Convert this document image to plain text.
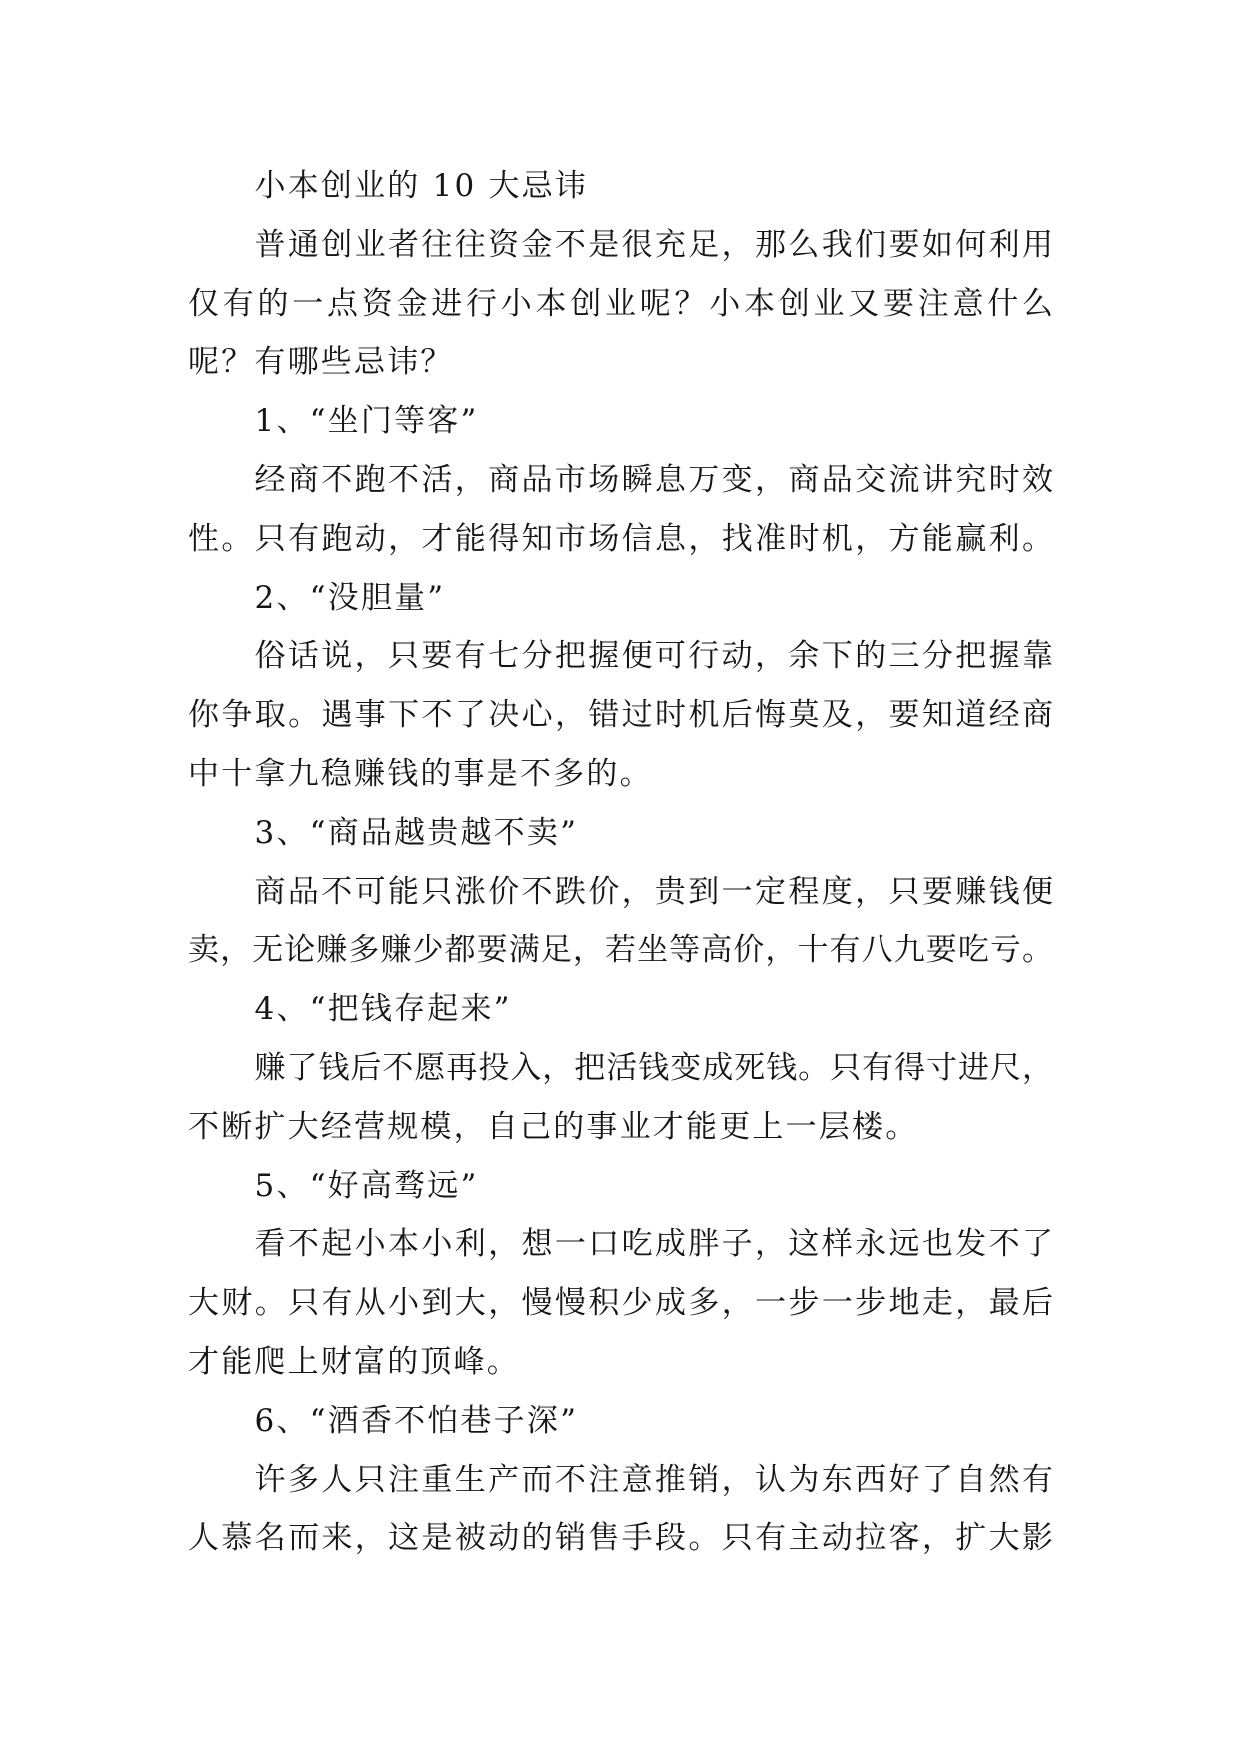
小本创业的 10 大忌讳
普通创业者往往资金不是很充足，那么我们要如何利用
仅有的一点资金进行小本创业呢？小本创业又要注意什么
呢？有哪些忌讳？
1、“坐门等客”
经商不跑不活，商品市场瞬息万变，商品交流讲究时效
性。只有跑动，才能得知市场信息，找准时机，方能赢利。
2、“没胆量”
俗话说，只要有七分把握便可行动，余下的三分把握靠
你争取。遇事下不了决心，错过时机后悔莫及，要知道经商
中十拿九稳赚钱的事是不多的。
3、“商品越贵越不卖”
商品不可能只涨价不跌价，贵到一定程度，只要赚钱便
卖，无论赚多赚少都要满足，若坐等高价，十有八九要吃亏。
4、“把钱存起来”
赚了钱后不愿再投入，把活钱变成死钱。只有得寸进尺，
不断扩大经营规模，自己的事业才能更上一层楼。
5、“好高骛远”
看不起小本小利，想一口吃成胖子，这样永远也发不了
大财。只有从小到大，慢慢积少成多，一步一步地走，最后
才能爬上财富的顶峰。
6、“酒香不怕巷子深”
许多人只注重生产而不注意推销，认为东西好了自然有
人慕名而来，这是被动的销售手段。只有主动拉客，扩大影
